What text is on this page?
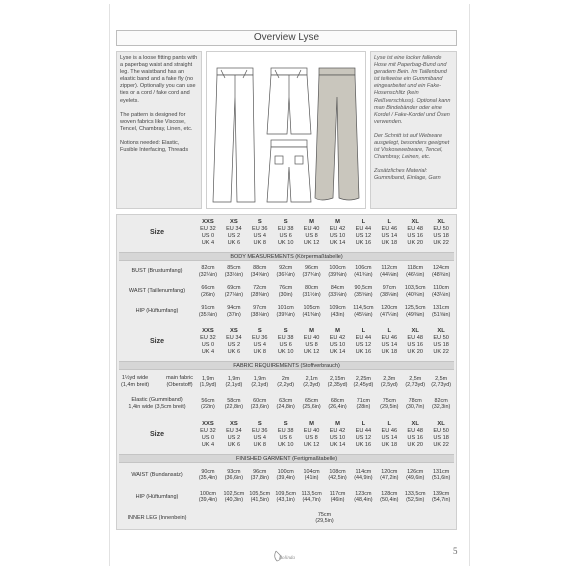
Overview Lyse

Lyse is a loose fitting pants with a paperbag waist and straight leg. The waistband has an elastic band and a fake fly (no zipper). Optionally you can use ties or a cord / fake cord and eyelets.

The pattern is designed for woven fabrics like Viscose, Tencel, Chambray, Linen, etc.

Notions needed: Elastic, Fusible Interfacing, Threads

Lyse ist eine locker fallende Hose mit Paperbag-Bund und geradem Bein. Im Taillenbund ist teilweise ein Gummiband eingearbeitet und ein Fake-Hosenschlitz (kein Reißverschluss). Optional kann man Bindebänder oder eine Kordel / Fake-Kordel und Ösen verwenden.

Der Schnitt ist auf Webware ausgelegt, besonders geeignet ist Viskosewebware, Tencel, Chambray, Leinen, etc.

Zusätzliches Material: Gummiband, Einlage, Garn

Size
XXS
EU 32
US 0
UK 4
XS
EU 34
US 2
UK 6
S
EU 36
US 4
UK 8
S
EU 38
US 6
UK 10
M
EU 40
US 8
UK 12
M
EU 42
US 10
UK 14
L
EU 44
US 12
UK 16
L
EU 46
US 14
UK 18
XL
EU 48
US 16
UK 20
XL
EU 50
US 18
UK 22
BODY MEASUREMENTS (Körpermaßtabelle)
BUST (Brustumfang)
82cm
(32¼in)
85cm
(33½in)
88cm
(34⅝in)
92cm
(36¼in)
96cm
(37¾in)
100cm
(39⅜in)
106cm
(41¾in)
112cm
(44⅛in)
118cm
(46½in)
124cm
(48¾in)
WAIST (Taillenumfang)
66cm
(26in)
69cm
(27⅛in)
72cm
(28⅜in)
76cm
(30in)
80cm
(31½in)
84cm
(33⅛in)
90,5cm
(35⅝in)
97cm
(38⅛in)
103,5cm
(40¾in)
110cm
(43¼in)
HIP (Hüftumfang)
91cm
(35⅞in)
94cm
(37in)
97cm
(38⅛in)
101cm
(39¾in)
105cm
(41⅜in)
109cm
(43in)
114,5cm
(45⅛in)
120cm
(47¼in)
125,5cm
(49⅜in)
131cm
(51⅝in)
Size
XXS
EU 32
US 0
UK 4
XS
EU 34
US 2
UK 6
S
EU 36
US 4
UK 8
S
EU 38
US 6
UK 10
M
EU 40
US 8
UK 12
M
EU 42
US 10
UK 14
L
EU 44
US 12
UK 16
L
EU 46
US 14
UK 18
XL
EU 48
US 16
UK 20
XL
EU 50
US 18
UK 22
FABRIC REQUIREMENTS (Stoffverbrauch)
1½yd wide
(1,4m breit)
main fabric
(Oberstoff)
1,9m
(1,9yd)
1,9m
(2,1yd)
1,9m
(2,1yd)
2m
(2,2yd)
2,1m
(2,3yd)
2,15m
(2,35yd)
2,25m
(2,45yd)
2,3m
(2,5yd)
2,5m
(2,73yd)
2,5m
(2,73yd)
Elastic (Gummiband)
1,4in wide (3,5cm breit)
56cm
(22in)
58cm
(22,8in)
60cm
(23,6in)
63cm
(24,8in)
65cm
(25,6in)
68cm
(26,4in)
71cm
(28in)
75cm
(29,5in)
78cm
(30,7in)
82cm
(32,3in)
Size
XXS
EU 32
US 0
UK 4
XS
EU 34
US 2
UK 6
S
EU 36
US 4
UK 8
S
EU 38
US 6
UK 10
M
EU 40
US 8
UK 12
M
EU 42
US 10
UK 14
L
EU 44
US 12
UK 16
L
EU 46
US 14
UK 18
XL
EU 48
US 16
UK 20
XL
EU 50
US 18
UK 22
FINISHED GARMENT (Fertigmaßtabelle)
WAIST (Bundansatz)
90cm
(35,4in)
93cm
(36,6in)
96cm
(37,8in)
100cm
(39,4in)
104cm
(41in)
108cm
(42,5in)
114cm
(44,9in)
120cm
(47,2in)
126cm
(49,6in)
131cm
(51,6in)
HIP (Hüftumfang)
100cm
(39,4in)
102,5cm
(40,3in)
105,5cm
(41,5in)
109,5cm
(43,1in)
113,5cm
(44,7in)
117cm
(46in)
123cm
(48,4in)
128cm
(50,4in)
133,5cm
(52,5in)
139cm
(54,7in)
INNER LEG (Innenbein)
75cm
(29,5in)
Bolinda
5
